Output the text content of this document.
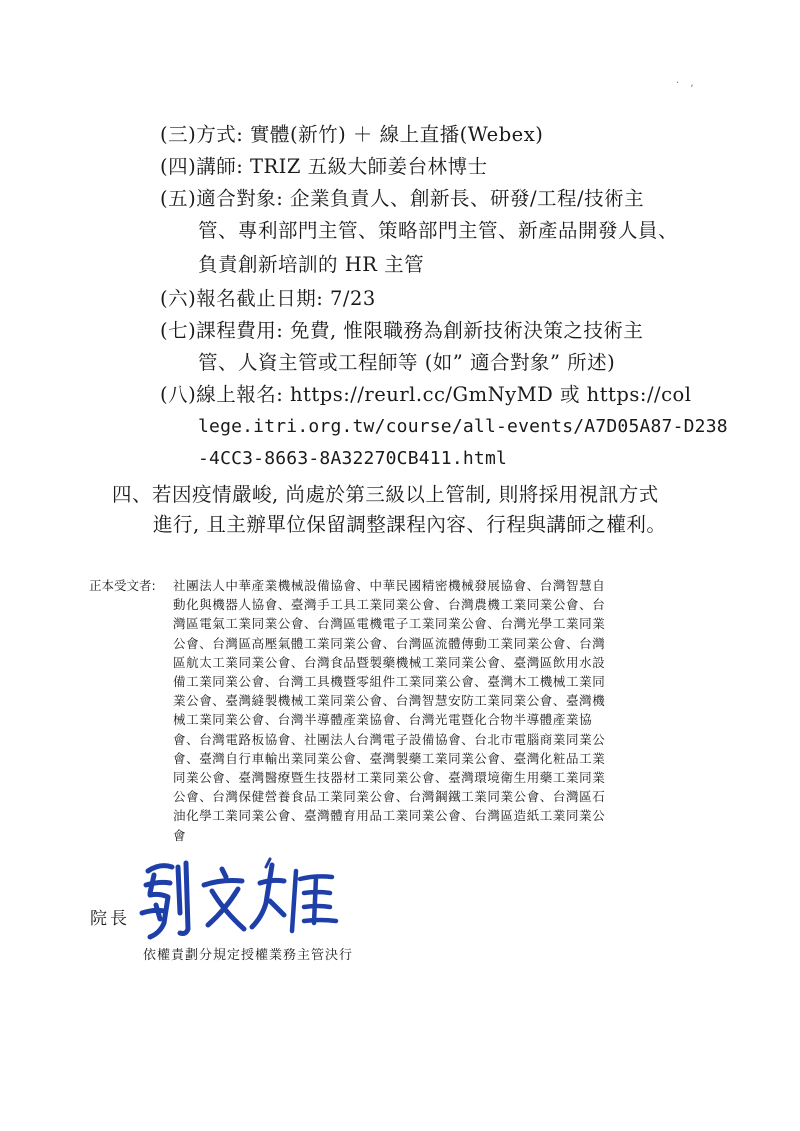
· ,
(三)方式: 實體(新竹) ＋ 線上直播(Webex)
(四)講師: TRIZ 五級大師姜台林博士
(五)適合對象: 企業負責人、創新長、研發/工程/技術主
管、專利部門主管、策略部門主管、新產品開發人員、
負責創新培訓的 HR 主管
(六)報名截止日期: 7/23
(七)課程費用: 免費, 惟限職務為創新技術決策之技術主
管、人資主管或工程師等 (如” 適合對象” 所述)
(八)線上報名: https://reurl.cc/GmNyMD 或 https://col
lege.itri.org.tw/course/all-events/A7D05A87-D238
-4CC3-8663-8A32270CB411.html
四、若因疫情嚴峻, 尚處於第三級以上管制, 則將採用視訊方式
進行, 且主辦單位保留調整課程內容、行程與講師之權利。
正本受文者: 社團法人中華產業機械設備協會、中華民國精密機械發展協會、台灣智慧自
動化與機器人協會、臺灣手工具工業同業公會、台灣農機工業同業公會、台
灣區電氣工業同業公會、台灣區電機電子工業同業公會、台灣光學工業同業
公會、台灣區高壓氣體工業同業公會、台灣區流體傳動工業同業公會、台灣
區航太工業同業公會、台灣食品暨製藥機械工業同業公會、臺灣區飲用水設
備工業同業公會、台灣工具機暨零組件工業同業公會、臺灣木工機械工業同
業公會、臺灣縫製機械工業同業公會、台灣智慧安防工業同業公會、臺灣機
械工業同業公會、台灣半導體產業協會、台灣光電暨化合物半導體產業協
會、台灣電路板協會、社團法人台灣電子設備協會、台北市電腦商業同業公
會、臺灣自行車輸出業同業公會、臺灣製藥工業同業公會、臺灣化粧品工業
同業公會、臺灣醫療暨生技器材工業同業公會、臺灣環境衛生用藥工業同業
公會、台灣保健營養食品工業同業公會、台灣鋼鐵工業同業公會、台灣區石
油化學工業同業公會、臺灣體育用品工業同業公會、台灣區造紙工業同業公
會
院長
劉文雄
依權責劃分規定授權業務主管決行
